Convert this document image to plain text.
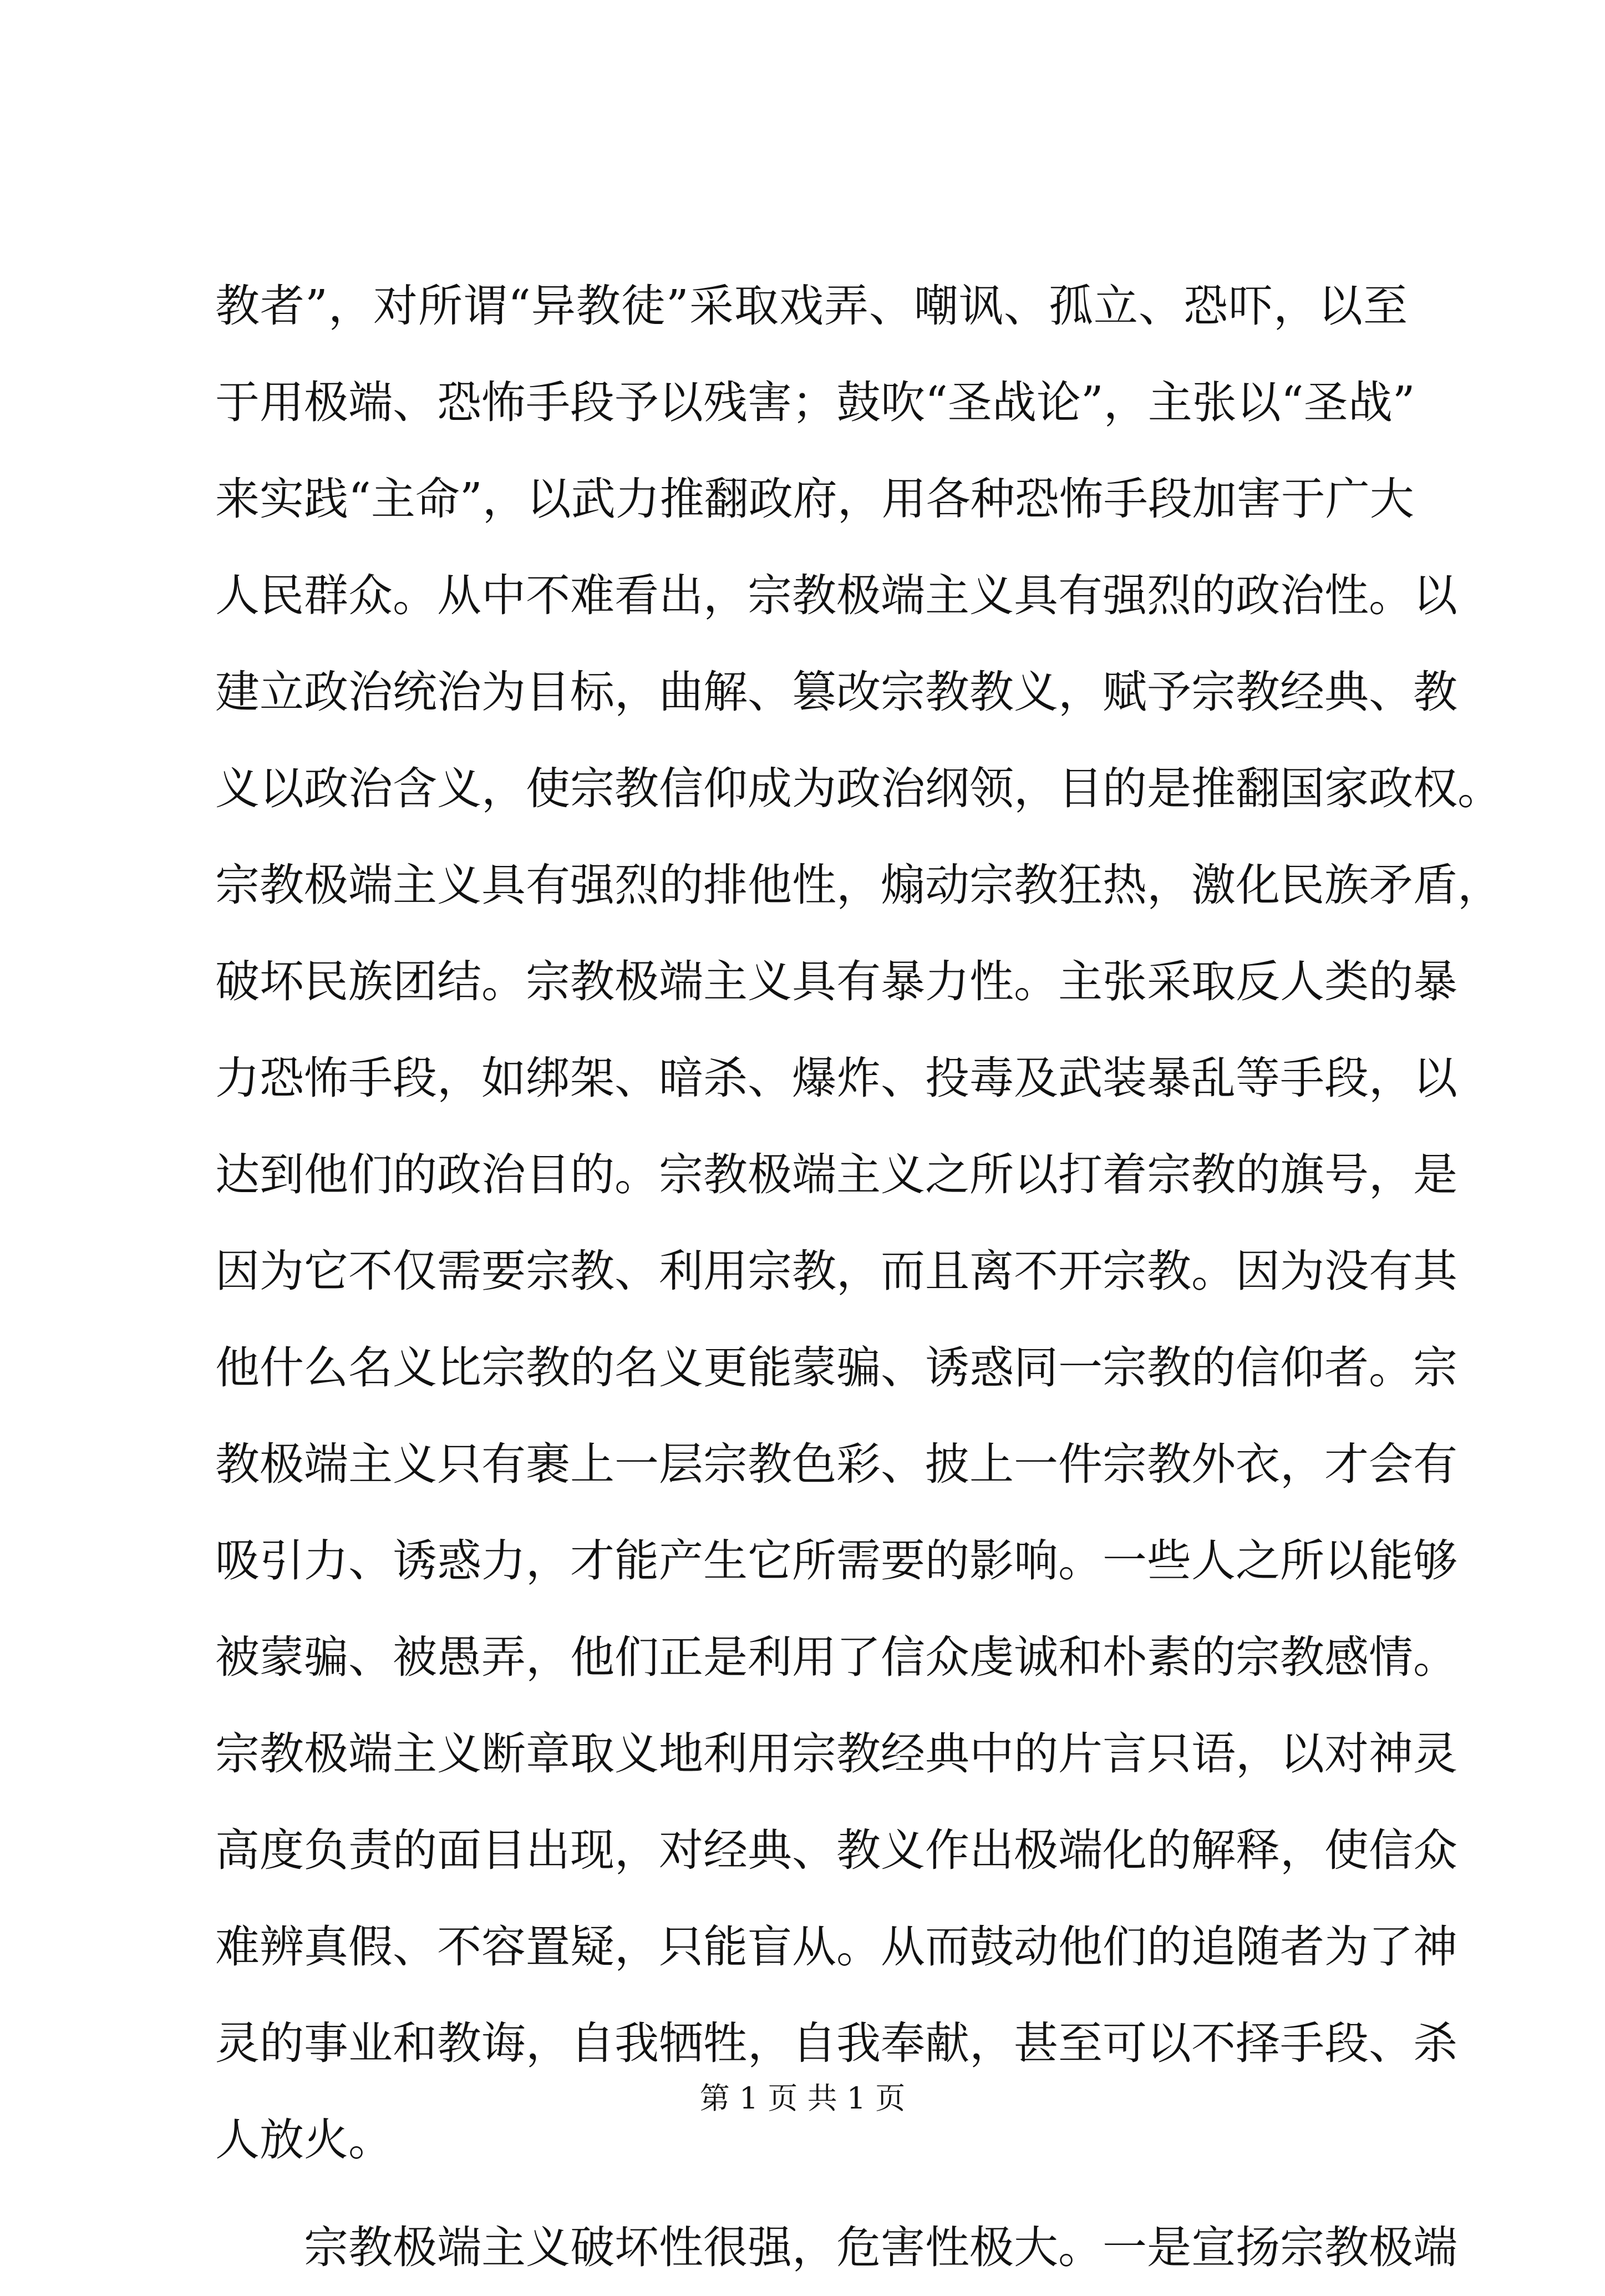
教者”，对所谓“异教徒”采取戏弄、嘲讽、孤立、恐吓，以至
于用极端、恐怖手段予以残害；鼓吹“圣战论”，主张以“圣战”
来实践“主命”，以武力推翻政府，用各种恐怖手段加害于广大
人民群众。从中不难看出，宗教极端主义具有强烈的政治性。以
建立政治统治为目标，曲解、篡改宗教教义，赋予宗教经典、教
义以政治含义，使宗教信仰成为政治纲领，目的是推翻国家政权。
宗教极端主义具有强烈的排他性，煽动宗教狂热，激化民族矛盾，
破坏民族团结。宗教极端主义具有暴力性。主张采取反人类的暴
力恐怖手段，如绑架、暗杀、爆炸、投毒及武装暴乱等手段，以
达到他们的政治目的。宗教极端主义之所以打着宗教的旗号，是
因为它不仅需要宗教、利用宗教，而且离不开宗教。因为没有其
他什么名义比宗教的名义更能蒙骗、诱惑同一宗教的信仰者。宗
教极端主义只有裹上一层宗教色彩、披上一件宗教外衣，才会有
吸引力、诱惑力，才能产生它所需要的影响。一些人之所以能够
被蒙骗、被愚弄，他们正是利用了信众虔诚和朴素的宗教感情。
宗教极端主义断章取义地利用宗教经典中的片言只语，以对神灵
高度负责的面目出现，对经典、教义作出极端化的解释，使信众
难辨真假、不容置疑，只能盲从。从而鼓动他们的追随者为了神
灵的事业和教诲，自我牺牲，自我奉献，甚至可以不择手段、杀
人放火。
宗教极端主义破坏性很强，危害性极大。一是宣扬宗教极端
第 1 页 共 1 页
